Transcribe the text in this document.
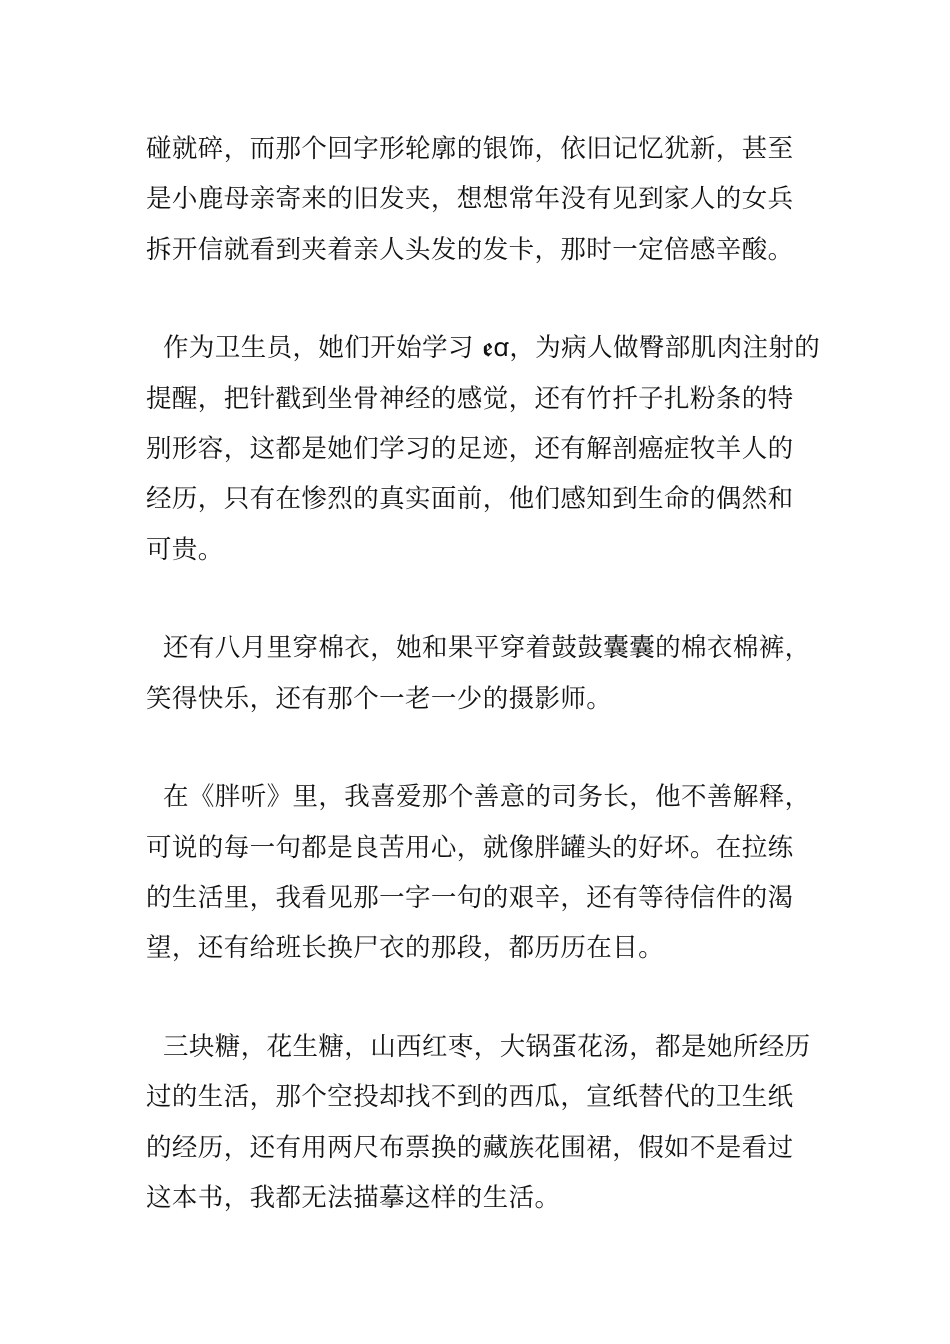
碰就碎，而那个回字形轮廓的银饰，依旧记忆犹新，甚至
是小鹿母亲寄来的旧发夹，想想常年没有见到家人的女兵
拆开信就看到夹着亲人头发的发卡，那时一定倍感辛酸。
作为卫生员，她们开始学习 ꬲꭤ，为病人做臀部肌肉注射的
提醒，把针戳到坐骨神经的感觉，还有竹扦子扎粉条的特
别形容，这都是她们学习的足迹，还有解剖癌症牧羊人的
经历，只有在惨烈的真实面前，他们感知到生命的偶然和
可贵。
还有八月里穿棉衣，她和果平穿着鼓鼓囊囊的棉衣棉裤，
笑得快乐，还有那个一老一少的摄影师。
在《胖听》里，我喜爱那个善意的司务长，他不善解释，
可说的每一句都是良苦用心，就像胖罐头的好坏。在拉练
的生活里，我看见那一字一句的艰辛，还有等待信件的渴
望，还有给班长换尸衣的那段，都历历在目。
三块糖，花生糖，山西红枣，大锅蛋花汤，都是她所经历
过的生活，那个空投却找不到的西瓜，宣纸替代的卫生纸
的经历，还有用两尺布票换的藏族花围裙，假如不是看过
这本书，我都无法描摹这样的生活。
